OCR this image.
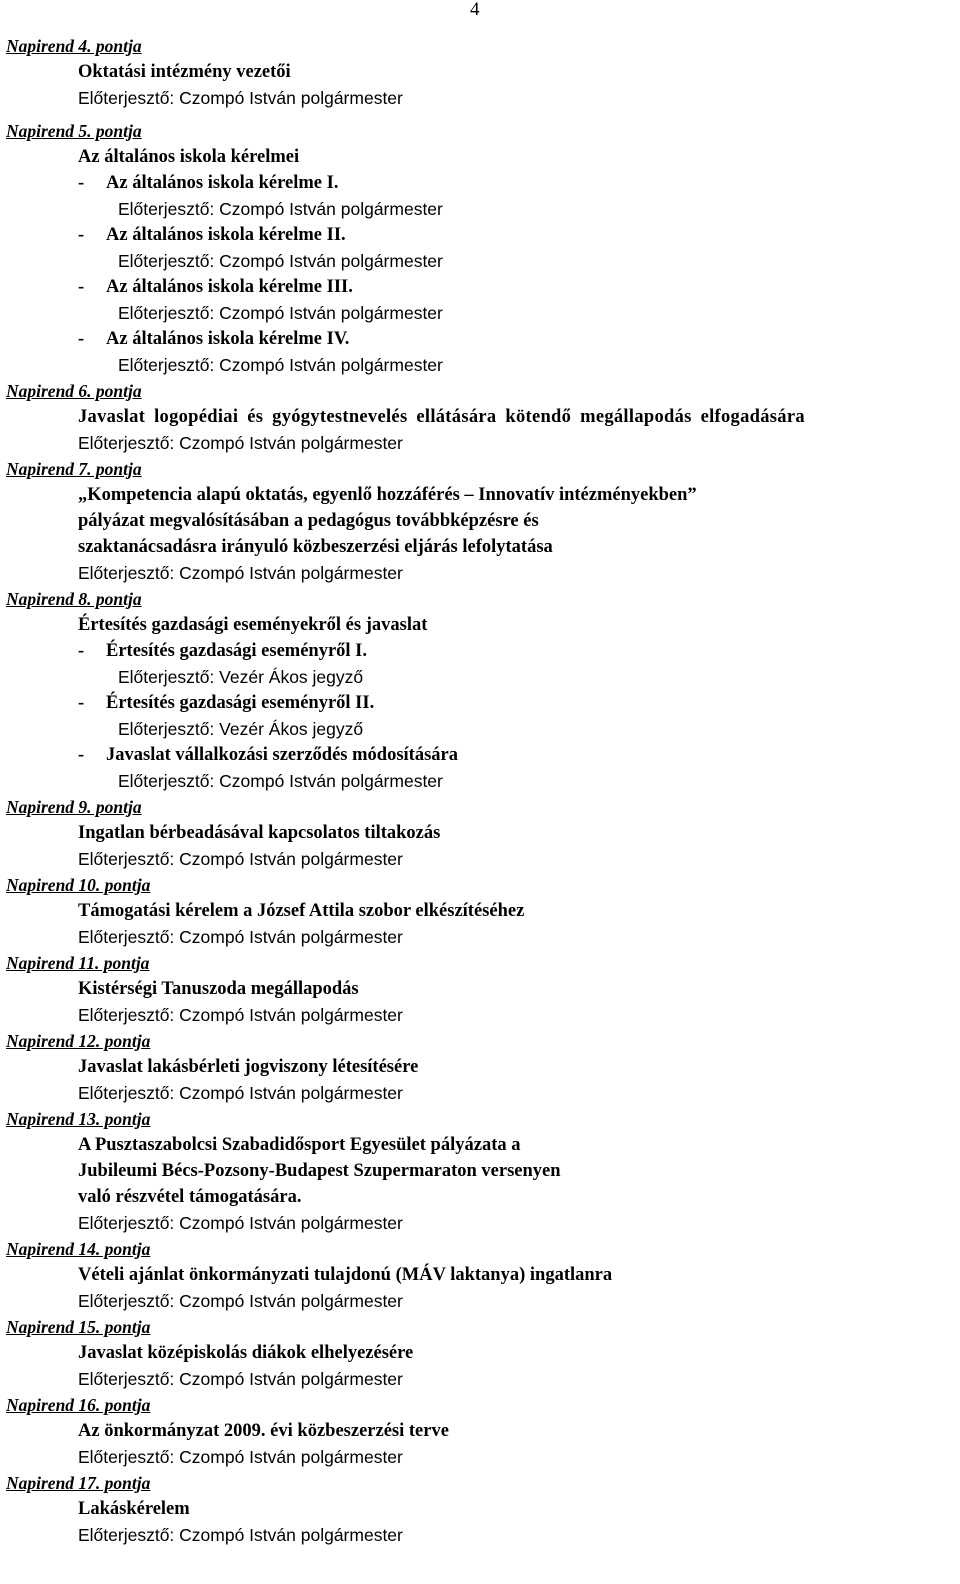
4
Napirend 4. pontja
Oktatási intézmény vezetői
Előterjesztő: Czompó István polgármester
Napirend 5. pontja
Az általános iskola kérelmei
- Az általános iskola kérelme I.
Előterjesztő: Czompó István polgármester
- Az általános iskola kérelme II.
Előterjesztő: Czompó István polgármester
- Az általános iskola kérelme III.
Előterjesztő: Czompó István polgármester
- Az általános iskola kérelme IV.
Előterjesztő: Czompó István polgármester
Napirend 6. pontja
Javaslat logopédiai és gyógytestnevelés ellátására kötendő megállapodás elfogadására
Előterjesztő: Czompó István polgármester
Napirend 7. pontja
„Kompetencia alapú oktatás, egyenlő hozzáférés – Innovatív intézményekben”
pályázat megvalósításában a pedagógus továbbképzésre és
szaktanácsadásra irányuló közbeszerzési eljárás lefolytatása
Előterjesztő: Czompó István polgármester
Napirend 8. pontja
Értesítés gazdasági eseményekről és javaslat
- Értesítés gazdasági eseményről I.
Előterjesztő: Vezér Ákos jegyző
- Értesítés gazdasági eseményről II.
Előterjesztő: Vezér Ákos jegyző
- Javaslat vállalkozási szerződés módosítására
Előterjesztő: Czompó István polgármester
Napirend 9. pontja
Ingatlan bérbeadásával kapcsolatos tiltakozás
Előterjesztő: Czompó István polgármester
Napirend 10. pontja
Támogatási kérelem a József Attila szobor elkészítéséhez
Előterjesztő: Czompó István polgármester
Napirend 11. pontja
Kistérségi Tanuszoda megállapodás
Előterjesztő: Czompó István polgármester
Napirend 12. pontja
Javaslat lakásbérleti jogviszony létesítésére
Előterjesztő: Czompó István polgármester
Napirend 13. pontja
A Pusztaszabolcsi Szabadidősport Egyesület pályázata a
Jubileumi Bécs-Pozsony-Budapest Szupermaraton versenyen
való részvétel támogatására.
Előterjesztő: Czompó István polgármester
Napirend 14. pontja
Vételi ajánlat önkormányzati tulajdonú (MÁV laktanya) ingatlanra
Előterjesztő: Czompó István polgármester
Napirend 15. pontja
Javaslat középiskolás diákok elhelyezésére
Előterjesztő: Czompó István polgármester
Napirend 16. pontja
Az önkormányzat 2009. évi közbeszerzési terve
Előterjesztő: Czompó István polgármester
Napirend 17. pontja
Lakáskérelem
Előterjesztő: Czompó István polgármester
